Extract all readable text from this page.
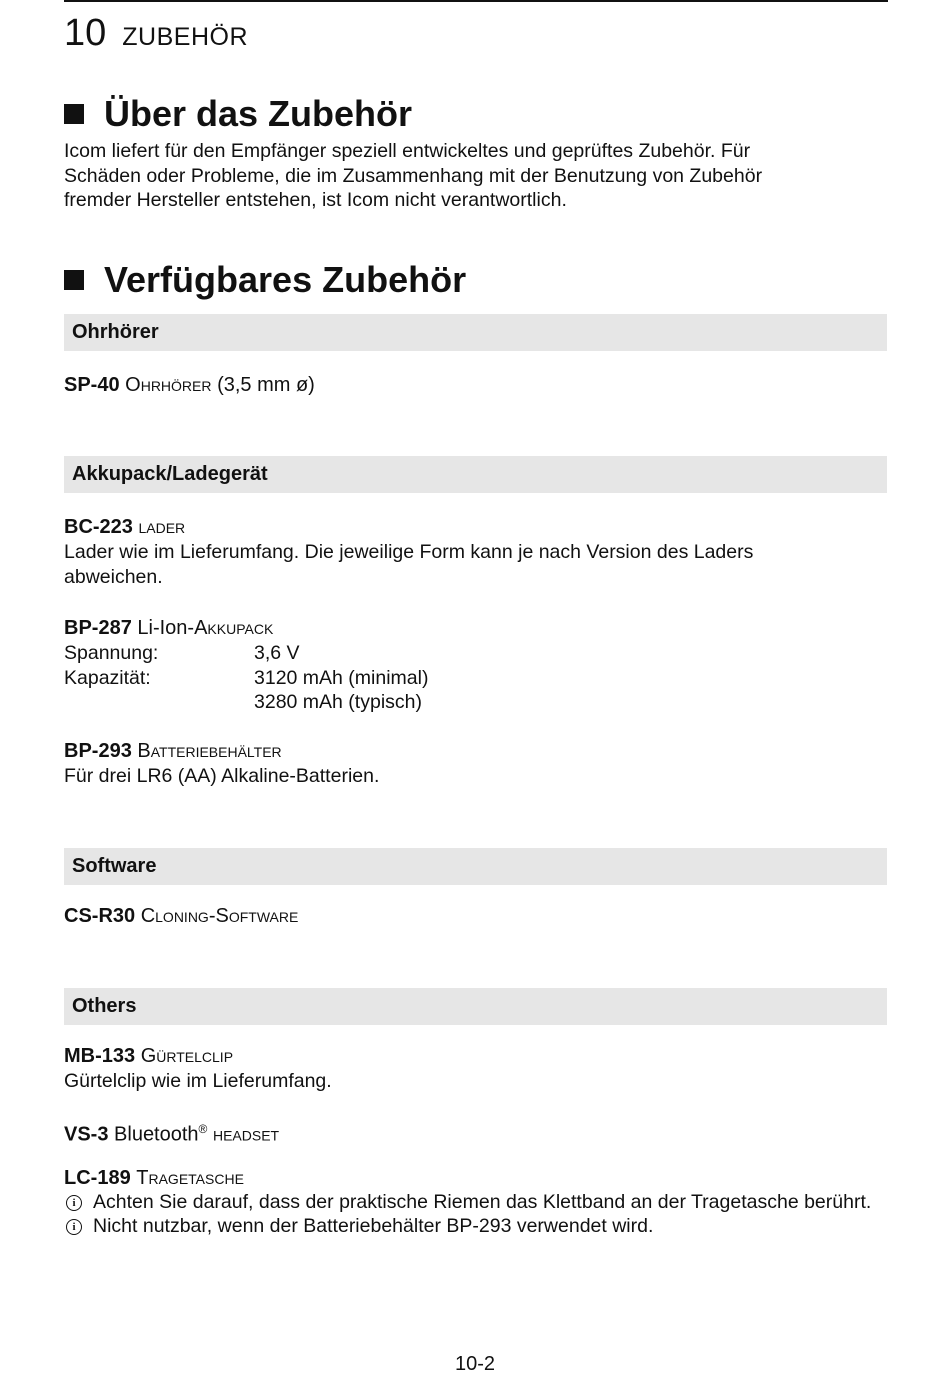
10 ZUBEHÖR
Über das Zubehör
Icom liefert für den Empfänger speziell entwickeltes und geprüftes Zubehör. Für
Schäden oder Probleme, die im Zusammenhang mit der Benutzung von Zubehör
fremder Hersteller entstehen, ist Icom nicht verantwortlich.
Verfügbares Zubehör
Ohrhörer
SP-40 Ohrhörer (3,5 mm ø)
Akkupack/Ladegerät
BC-223 lader
Lader wie im Lieferumfang. Die jeweilige Form kann je nach Version des Laders
abweichen.
BP-287 Li-Ion-Akkupack
Spannung:	3,6 V
Kapazität:	3120 mAh (minimal)
3280 mAh (typisch)
BP-293 Batteriebehälter
Für drei LR6 (AA) Alkaline-Batterien.
Software
CS-R30 Cloning-Software
Others
MB-133 Gürtelclip
Gürtelclip wie im Lieferumfang.
VS-3 Bluetooth® headset
LC-189 Tragetasche
i Achten Sie darauf, dass der praktische Riemen das Klettband an der Tragetasche berührt.
i Nicht nutzbar, wenn der Batteriebehälter BP-293 verwendet wird.
10-2
